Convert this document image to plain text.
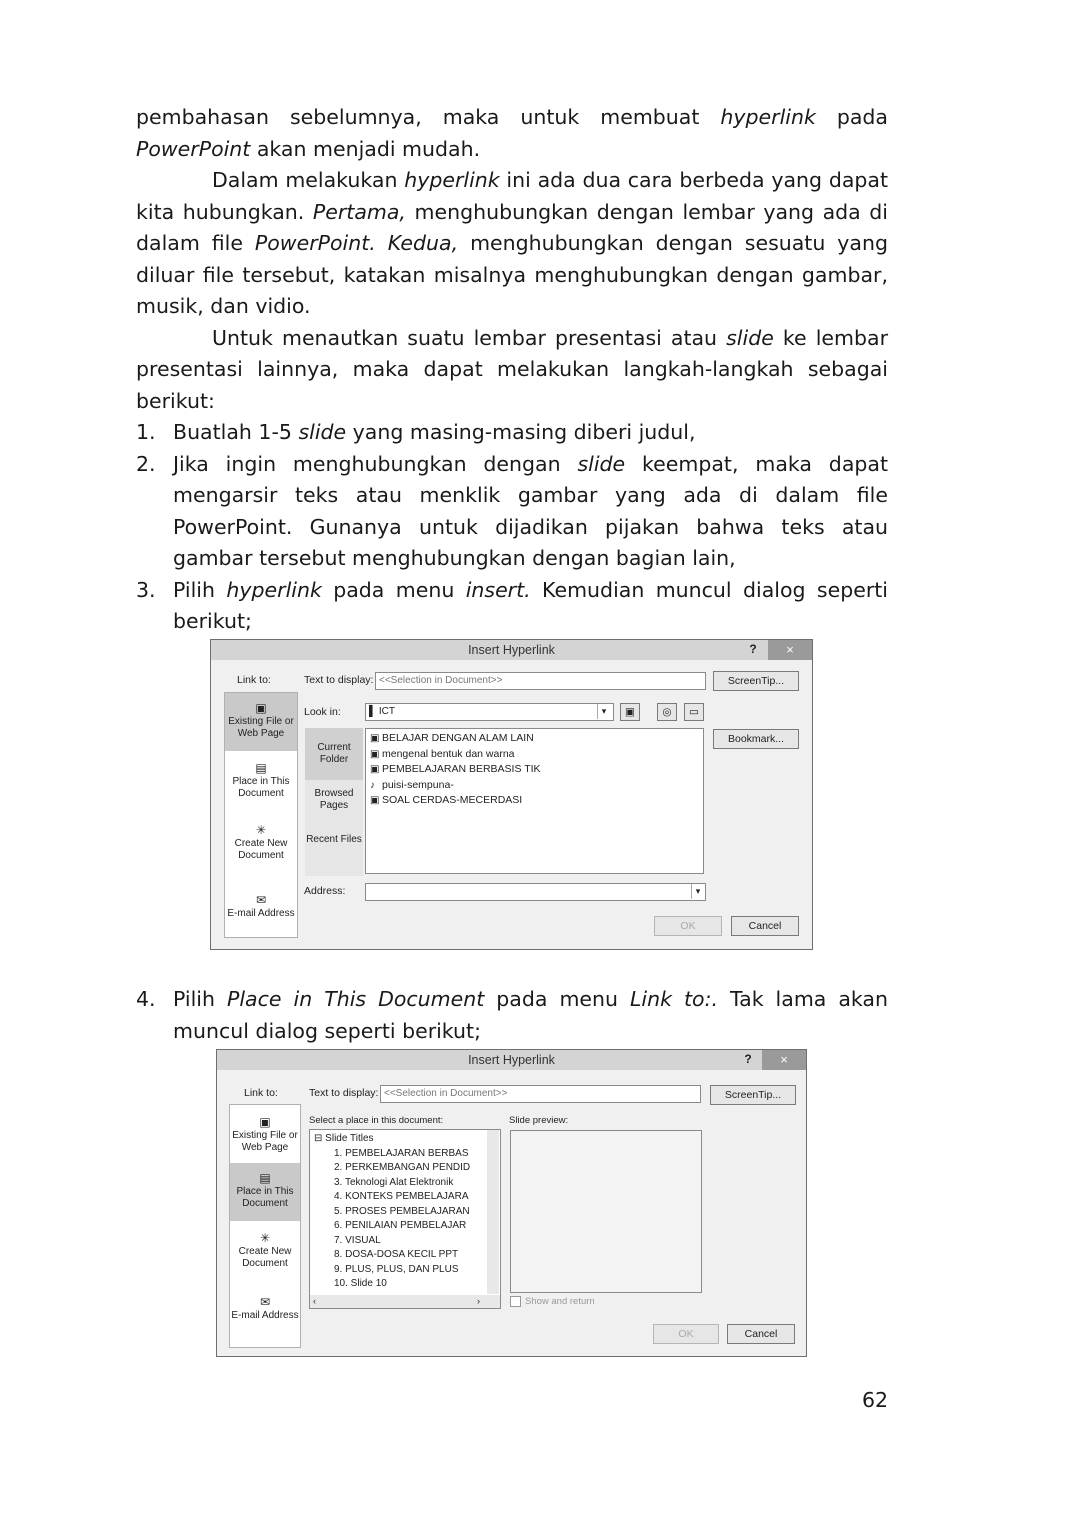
pembahasan sebelumnya, maka untuk membuat hyperlink pada PowerPoint akan menjadi mudah.

Dalam melakukan hyperlink ini ada dua cara berbeda yang dapat kita hubungkan. Pertama, menghubungkan dengan lembar yang ada di dalam file PowerPoint. Kedua, menghubungkan dengan sesuatu yang diluar file tersebut, katakan misalnya menghubungkan dengan gambar, musik, dan vidio.

Untuk menautkan suatu lembar presentasi atau slide ke lembar presentasi lainnya, maka dapat melakukan langkah-langkah sebagai berikut:

1. Buatlah 1-5 slide yang masing-masing diberi judul,

2. Jika ingin menghubungkan dengan slide keempat, maka dapat mengarsir teks atau menklik gambar yang ada di dalam file PowerPoint. Gunanya untuk dijadikan pijakan bahwa teks atau gambar tersebut menghubungkan dengan bagian lain,

3. Pilih hyperlink pada menu insert. Kemudian muncul dialog seperti berikut;

Insert Hyperlink	?	×
Link to:
▣
Existing File or Web Page
▤
Place in This Document
✳
Create New Document
✉
E-mail Address
Text to display: <<Selection in Document>>	ScreenTip...
Look in:	▌ ICT	▾	▣	◎	▭
Bookmark...
Current Folder
Browsed Pages
Recent Files
▣ BELAJAR DENGAN ALAM LAIN
▣ mengenal bentuk dan warna
▣ PEMBELAJARAN BERBASIS TIK
♪ puisi-sempuna-
▣ SOAL CERDAS-MECERDASI
Address:	▾
OK	Cancel

4. Pilih Place in This Document pada menu Link to:. Tak lama akan muncul dialog seperti berikut;

Insert Hyperlink	?	×
Link to:
▣
Existing File or Web Page
▤
Place in This Document
✳
Create New Document
✉
E-mail Address
Text to display: <<Selection in Document>>	ScreenTip...
Select a place in this document:
⊟ Slide Titles
1. PEMBELAJARAN BERBAS
2. PERKEMBANGAN PENDID
3. Teknologi Alat Elektronik
4. KONTEKS PEMBELAJARA
5. PROSES PEMBELAJARAN
6. PENILAIAN PEMBELAJAR
7. VISUAL
8. DOSA-DOSA KECIL PPT
9. PLUS, PLUS, DAN PLUS
10. Slide 10
‹	›
Slide preview:
Show and return
OK	Cancel
62
